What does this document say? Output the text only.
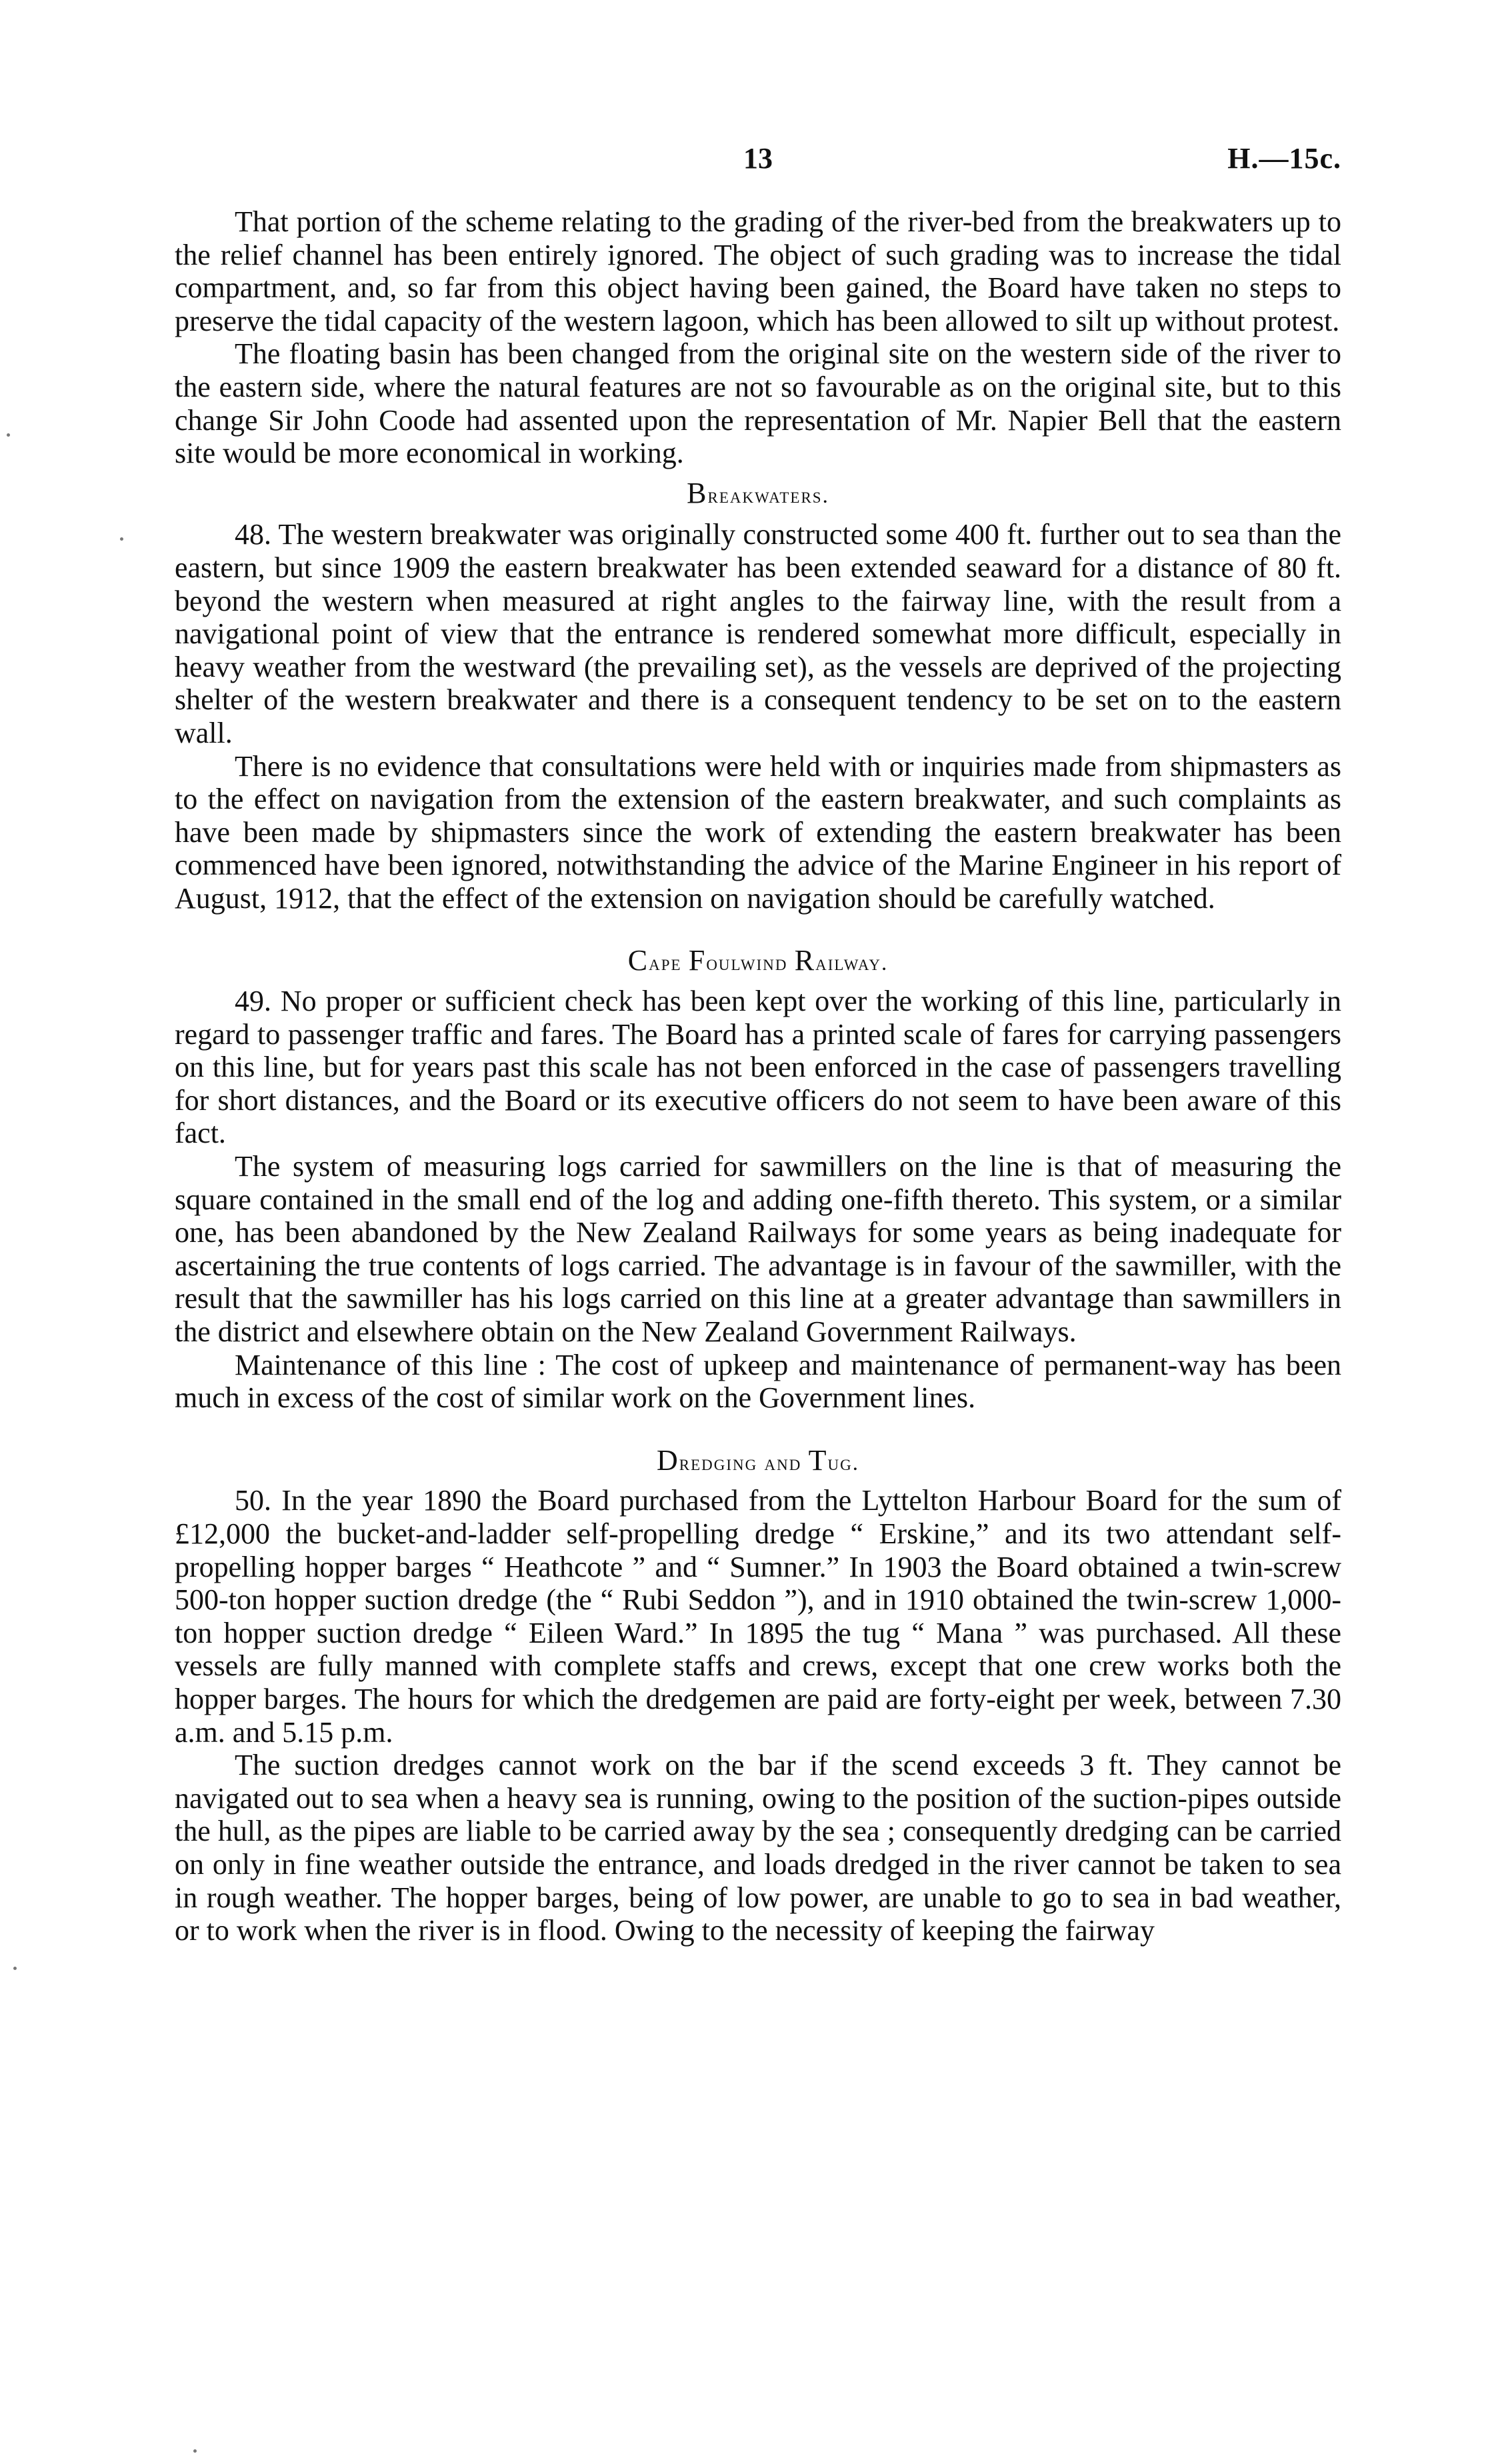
13	H.—15c.

That portion of the scheme relating to the grading of the river-bed from the breakwaters up to the relief channel has been entirely ignored. The object of such grading was to increase the tidal compartment, and, so far from this object having been gained, the Board have taken no steps to preserve the tidal capacity of the western lagoon, which has been allowed to silt up without protest.

The floating basin has been changed from the original site on the western side of the river to the eastern side, where the natural features are not so favourable as on the original site, but to this change Sir John Coode had assented upon the representation of Mr. Napier Bell that the eastern site would be more economical in working.

Breakwaters.

48. The western breakwater was originally constructed some 400 ft. further out to sea than the eastern, but since 1909 the eastern breakwater has been extended seaward for a distance of 80 ft. beyond the western when measured at right angles to the fairway line, with the result from a navigational point of view that the entrance is rendered somewhat more difficult, especially in heavy weather from the westward (the prevailing set), as the vessels are deprived of the projecting shelter of the western breakwater and there is a consequent tendency to be set on to the eastern wall.

There is no evidence that consultations were held with or inquiries made from shipmasters as to the effect on navigation from the extension of the eastern breakwater, and such complaints as have been made by shipmasters since the work of extending the eastern breakwater has been commenced have been ignored, notwithstanding the advice of the Marine Engineer in his report of August, 1912, that the effect of the extension on navigation should be carefully watched.

Cape Foulwind Railway.

49. No proper or sufficient check has been kept over the working of this line, particularly in regard to passenger traffic and fares. The Board has a printed scale of fares for carrying passengers on this line, but for years past this scale has not been enforced in the case of passengers travelling for short distances, and the Board or its executive officers do not seem to have been aware of this fact.

The system of measuring logs carried for sawmillers on the line is that of measuring the square contained in the small end of the log and adding one-fifth thereto. This system, or a similar one, has been abandoned by the New Zealand Railways for some years as being inadequate for ascertaining the true contents of logs carried. The advantage is in favour of the sawmiller, with the result that the sawmiller has his logs carried on this line at a greater advantage than sawmillers in the district and elsewhere obtain on the New Zealand Government Railways.

Maintenance of this line : The cost of upkeep and maintenance of permanent-way has been much in excess of the cost of similar work on the Government lines.

Dredging and Tug.

50. In the year 1890 the Board purchased from the Lyttelton Harbour Board for the sum of £12,000 the bucket-and-ladder self-propelling dredge “ Erskine,” and its two attendant self-propelling hopper barges “ Heathcote ” and “ Sumner.” In 1903 the Board obtained a twin-screw 500-ton hopper suction dredge (the “ Rubi Seddon ”), and in 1910 obtained the twin-screw 1,000-ton hopper suction dredge “ Eileen Ward.” In 1895 the tug “ Mana ” was purchased. All these vessels are fully manned with complete staffs and crews, except that one crew works both the hopper barges. The hours for which the dredgemen are paid are forty-eight per week, between 7.30 a.m. and 5.15 p.m.

The suction dredges cannot work on the bar if the scend exceeds 3 ft. They cannot be navigated out to sea when a heavy sea is running, owing to the position of the suction-pipes outside the hull, as the pipes are liable to be carried away by the sea ; consequently dredging can be carried on only in fine weather outside the entrance, and loads dredged in the river cannot be taken to sea in rough weather. The hopper barges, being of low power, are unable to go to sea in bad weather, or to work when the river is in flood. Owing to the necessity of keeping the fairway
